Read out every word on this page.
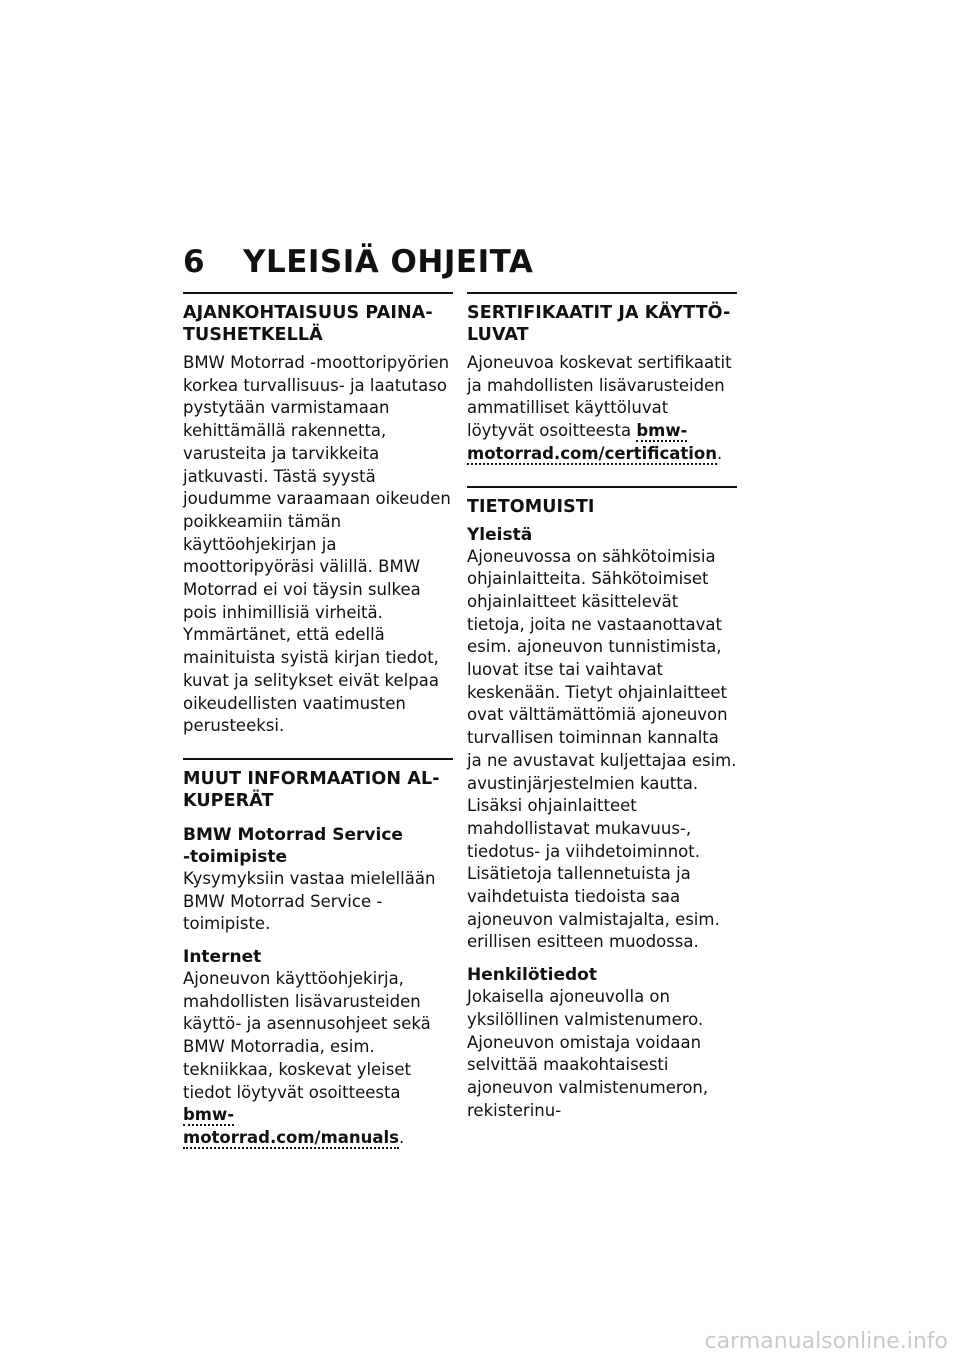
6 YLEISIÄ OHJEITA
AJANKOHTAISUUS PAINA-
TUSHETKELLÄ

BMW Motorrad -moottoripyörien korkea turvallisuus- ja laatutaso pystytään varmistamaan kehittämällä rakennetta, varusteita ja tarvikkeita jatkuvasti. Tästä syystä joudumme varaamaan oikeuden poikkeamiin tämän käyttöohjekirjan ja moottoripyöräsi välillä. BMW Motorrad ei voi täysin sulkea pois inhimillisiä virheitä. Ymmärtänet, että edellä mainituista syistä kirjan tiedot, kuvat ja selitykset eivät kelpaa oikeudellisten vaatimusten perusteeksi.

MUUT INFORMAATION AL-
KUPERÄT
BMW Motorrad Service
-toimipiste

Kysymyksiin vastaa mielellään BMW Motorrad Service -toimipiste.

Internet

Ajoneuvon käyttöohjekirja, mahdollisten lisävarusteiden käyttö- ja asennusohjeet sekä BMW Motorradia, esim. tekniikkaa, koskevat yleiset tiedot löytyvät osoitteesta bmw-motorrad.com/manuals.

SERTIFIKAATIT JA KÄYTTÖ-
LUVAT

Ajoneuvoa koskevat sertifikaatit ja mahdollisten lisävarusteiden ammatilliset käyttöluvat löytyvät osoitteesta bmw-motorrad.com/certification.

TIETOMUISTI
Yleistä

Ajoneuvossa on sähkötoimisia ohjainlaitteita. Sähkötoimiset ohjainlaitteet käsittelevät tietoja, joita ne vastaanottavat esim. ajoneuvon tunnistimista, luovat itse tai vaihtavat keskenään. Tietyt ohjainlaitteet ovat välttämättömiä ajoneuvon turvallisen toiminnan kannalta ja ne avustavat kuljettajaa esim. avustinjärjestelmien kautta. Lisäksi ohjainlaitteet mahdollistavat mukavuus-, tiedotus- ja viihdetoiminnot.

Lisätietoja tallennetuista ja vaihdetuista tiedoista saa ajoneuvon valmistajalta, esim. erillisen esitteen muodossa.

Henkilötiedot

Jokaisella ajoneuvolla on yksilöllinen valmistenumero. Ajoneuvon omistaja voidaan selvittää maakohtaisesti ajoneuvon valmistenumeron, rekisterinu-

carmanualsonline.info
